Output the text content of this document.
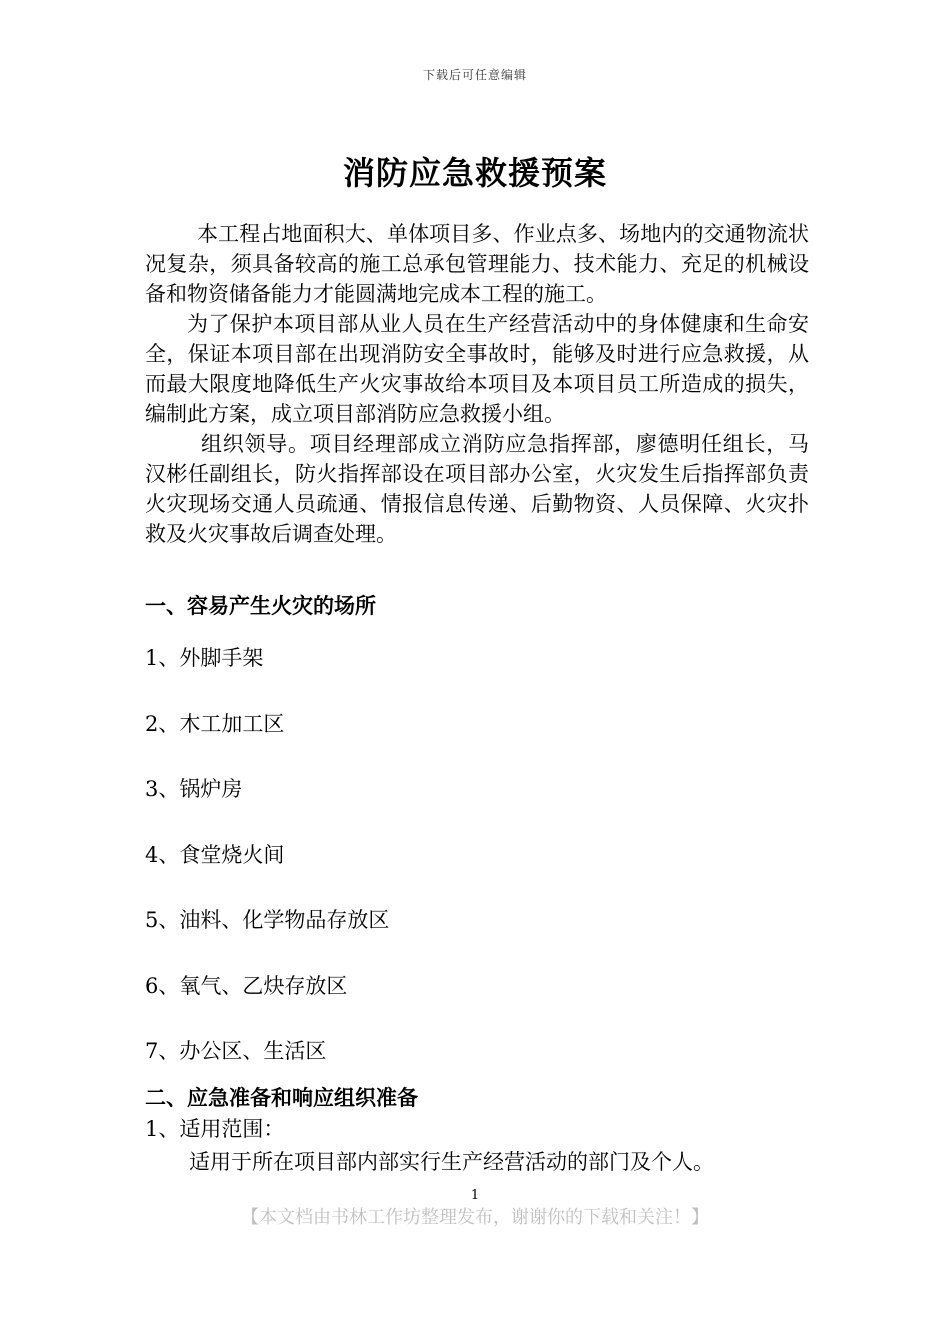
下载后可任意编辑
消防应急救援预案

本工程占地面积大、单体项目多、作业点多、场地内的交通物流状况复杂，须具备较高的施工总承包管理能力、技术能力、充足的机械设备和物资储备能力才能圆满地完成本工程的施工。

为了保护本项目部从业人员在生产经营活动中的身体健康和生命安全，保证本项目部在出现消防安全事故时，能够及时进行应急救援，从而最大限度地降低生产火灾事故给本项目及本项目员工所造成的损失，编制此方案，成立项目部消防应急救援小组。

组织领导。项目经理部成立消防应急指挥部，廖德明任组长，马汉彬任副组长，防火指挥部设在项目部办公室，火灾发生后指挥部负责火灾现场交通人员疏通、情报信息传递、后勤物资、人员保障、火灾扑救及火灾事故后调查处理。

一、容易产生火灾的场所

1、外脚手架

2、木工加工区

3、锅炉房

4、食堂烧火间

5、油料、化学物品存放区

6、氧气、乙炔存放区

7、办公区、生活区

二、应急准备和响应组织准备

1、适用范围：

适用于所在项目部内部实行生产经营活动的部门及个人。

1
【本文档由书林工作坊整理发布，谢谢你的下载和关注！】
